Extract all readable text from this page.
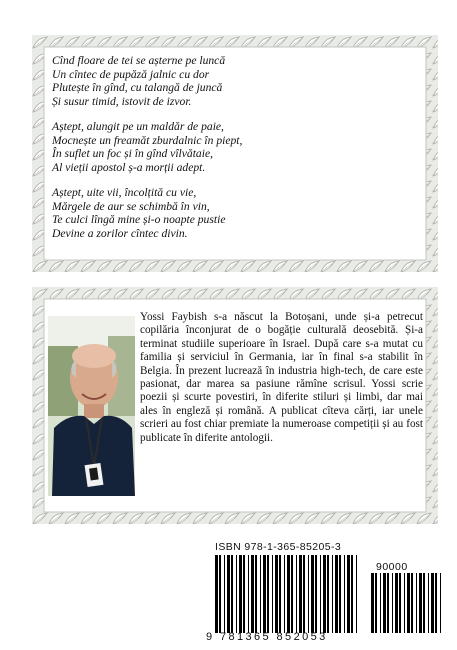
Cînd floare de tei se așterne pe luncă
Un cîntec de pupăză jalnic cu dor
Plutește în gînd, cu talangă de juncă
Și susur timid, istovit de izvor.
Aștept, alungit pe un maldăr de paie,
Mocnește un freamăt zburdalnic în piept,
În suflet un foc și în gînd vîlvătaie,
Al vieții apostol ș-a morții adept.
Aștept, uite vii, încolțită cu vie,
Mărgele de aur se schimbă în vin,
Te culci lîngă mine și-o noapte pustie
Devine a zorilor cîntec divin.
Yossi Faybish s-a născut la Botoșani, unde și-a petrecut copilăria înconjurat de o bogăție culturală deosebită. Și-a terminat studiile superioare în Israel. După care s-a mutat cu familia și serviciul în Germania, iar în final s-a stabilit în Belgia. În prezent lucrează în industria high-tech, de care este pasionat, dar marea sa pasiune rămîne scrisul. Yossi scrie poezii și scurte povestiri, în diferite stiluri și limbi, dar mai ales în engleză și română. A publicat cîteva cărți, iar unele scrieri au fost chiar premiate la numeroase competiții și au fost publicate în diferite antologii.
ISBN 978-1-365-85205-3
90000
9 781365 852053
